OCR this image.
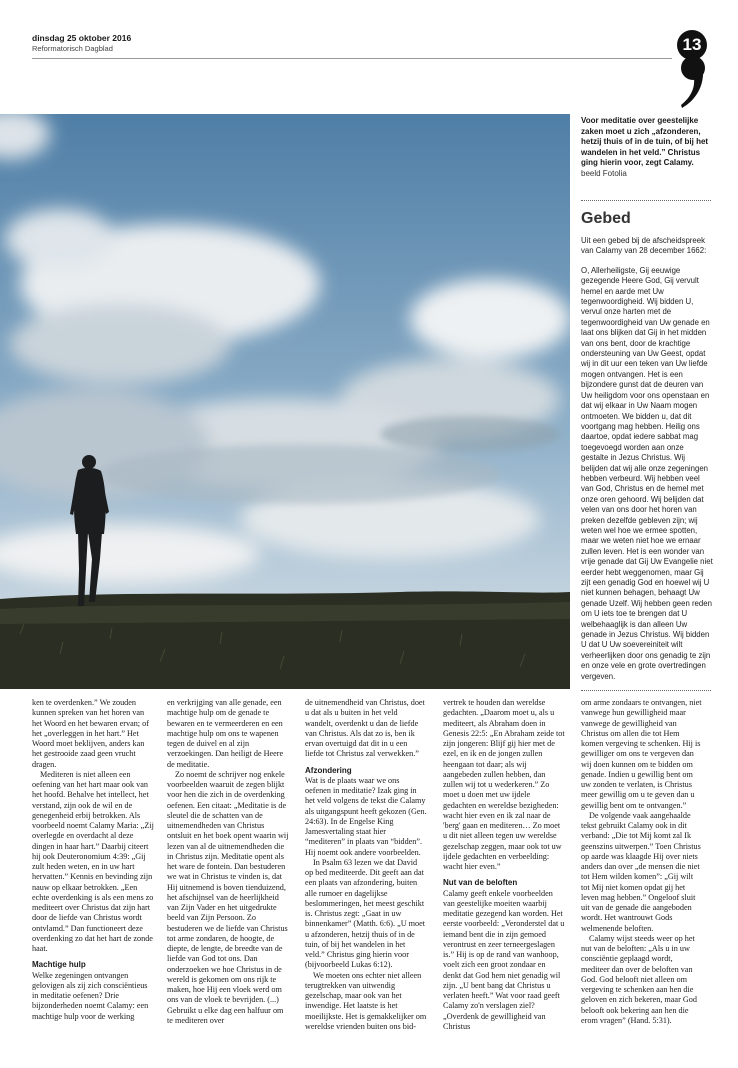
dinsdag 25 oktober 2016
Reformatorisch Dagblad	13
Voor meditatie over geestelijke zaken moet u zich „afzonderen, hetzij thuis of in de tuin, of bij het wandelen in het veld.” Christus ging hierin voor, zegt Calamy. beeld Fotolia
Gebed

Uit een gebed bij de afscheidspreek van Calamy van 28 december 1662:

O, Allerheiligste, Gij eeuwige gezegende Heere God, Gij vervult hemel en aarde met Uw tegenwoordigheid. Wij bidden U, vervul onze harten met de tegenwoordigheid van Uw genade en laat ons blijken dat Gij in het midden van ons bent, door de krachtige ondersteuning van Uw Geest, opdat wij in dit uur een teken van Uw liefde mogen ontvangen. Het is een bijzondere gunst dat de deuren van Uw heiligdom voor ons openstaan en dat wij elkaar in Uw Naam mogen ontmoeten. We bidden u, dat dit voortgang mag hebben. Heilig ons daartoe, opdat iedere sabbat mag toegevoegd worden aan onze gestalte in Jezus Christus. Wij belijden dat wij alle onze zegeningen hebben verbeurd. Wij hebben veel van God, Christus en de hemel met onze oren gehoord. Wij belijden dat velen van ons door het horen van preken dezelfde gebleven zijn; wij weten wel hoe we ermee spotten, maar we weten niet hoe we ernaar zullen leven. Het is een wonder van vrije genade dat Gij Uw Evangelie niet eerder hebt weggenomen, maar Gij zijt een genadig God en hoewel wij U niet kunnen behagen, behaagt Uw genade Uzelf. Wij hebben geen reden om U iets toe te brengen dat U welbehaaglijk is dan alleen Uw genade in Jezus Christus. Wij bidden U dat U Uw soevereiniteit wilt verheerlijken door ons genadig te zijn en onze vele en grote overtredingen vergeven.

ken te overdenken.” We zouden kunnen spreken van het horen van het Woord en het bewaren ervan; of het „overleggen in het hart.” Het Woord moet beklijven, anders kan het gestrooide zaad geen vrucht dragen.

Mediteren is niet alleen een oefening van het hart maar ook van het hoofd. Behalve het intellect, het verstand, zijn ook de wil en de genegenheid erbij betrokken. Als voorbeeld noemt Calamy Maria: „Zij overlegde en overdacht al deze dingen in haar hart.” Daarbij citeert hij ook Deuteronomium 4:39: „Gij zult heden weten, en in uw hart hervatten.” Kennis en bevinding zijn nauw op elkaar betrokken. „Een echte overdenking is als een mens zo mediteert over Christus dat zijn hart door de liefde van Christus wordt ontvlamd.” Dan functioneert deze overdenking zo dat het hart de zonde haat.

Machtige hulp

Welke zegeningen ontvangen gelovigen als zij zich consciëntieus in meditatie oefenen? Drie bijzonderheden noemt Calamy: een machtige hulp voor de werking

en verkrijging van alle genade, een machtige hulp om de genade te bewaren en te vermeerderen en een machtige hulp om ons te wapenen tegen de duivel en al zijn verzoekingen. Dan heiligt de Heere de meditatie.

Zo noemt de schrijver nog enkele voorbeelden waaruit de zegen blijkt voor hen die zich in de overdenking oefenen. Een citaat: „Meditatie is de sleutel die de schatten van de uitnemendheden van Christus ontsluit en het boek opent waarin wij lezen van al de uitnemendheden die in Christus zijn. Meditatie opent als het ware de fontein. Dan bestuderen we wat in Christus te vinden is, dat Hij uitnemend is boven tienduizend, het afschijnsel van de heerlijkheid van Zijn Vader en het uitgedrukte beeld van Zijn Persoon. Zo bestuderen we de liefde van Christus tot arme zondaren, de hoogte, de diepte, de lengte, de breedte van de liefde van God tot ons. Dan onderzoeken we hoe Christus in de wereld is gekomen om ons rijk te maken, hoe Hij een vloek werd om ons van de vloek te bevrijden. (...) Gebruikt u elke dag een halfuur om te mediteren over

de uitnemendheid van Christus, doet u dat als u buiten in het veld wandelt, overdenkt u dan de liefde van Christus. Als dat zo is, ben ik ervan overtuigd dat dit in u een liefde tot Christus zal verwekken.”

Afzondering

Wat is de plaats waar we ons oefenen in meditatie? Izak ging in het veld volgens de tekst die Calamy als uitgangspunt heeft gekozen (Gen. 24:63). In de Engelse King Jamesvertaling staat hier “mediteren” in plaats van “bidden”. Hij noemt ook andere voorbeelden.

In Psalm 63 lezen we dat David op bed mediteerde. Dit geeft aan dat een plaats van afzondering, buiten alle rumoer en dagelijkse beslommeringen, het meest geschikt is. Christus zegt: „Gaat in uw binnenkamer” (Matth. 6:6). „U moet u afzonderen, hetzij thuis of in de tuin, of bij het wandelen in het veld.” Christus ging hierin voor (bijvoorbeeld Lukas 6:12).

We moeten ons echter niet alleen terugtrekken van uitwendig gezelschap, maar ook van het inwendige. Het laatste is het moeilijkste. Het is gemakkelijker om wereldse vrienden buiten ons bid-

vertrek te houden dan wereldse gedachten. „Daarom moet u, als u mediteert, als Abraham doen in Genesis 22:5: „En Abraham zeide tot zijn jongeren: Blijf gij hier met de ezel, en ik en de jongen zullen heengaan tot daar; als wij aangebeden zullen hebben, dan zullen wij tot u wederkeren.” Zo moet u doen met uw ijdele gedachten en wereldse bezigheden: wacht hier even en ik zal naar de 'berg' gaan en mediteren… Zo moet u dit niet alleen tegen uw wereldse gezelschap zeggen, maar ook tot uw ijdele gedachten en verbeelding: wacht hier even.”

Nut van de beloften

Calamy geeft enkele voorbeelden van geestelijke moeiten waarbij meditatie gezegend kan worden. Het eerste voorbeeld: „Veronderstel dat u iemand bent die in zijn gemoed verontrust en zeer terneergeslagen is.” Hij is op de rand van wanhoop, voelt zich een groot zondaar en denkt dat God hem niet genadig wil zijn. „U bent bang dat Christus u verlaten heeft.” Wat voor raad geeft Calamy zo'n verslagen ziel? „Overdenk de gewilligheid van Christus

om arme zondaars te ontvangen, niet vanwege hun gewilligheid maar vanwege de gewilligheid van Christus om allen die tot Hem komen vergeving te schenken. Hij is gewilliger om ons te vergeven dan wij doen kunnen om te bidden om genade. Indien u gewillig bent om uw zonden te verlaten, is Christus meer gewillig om u te geven dan u gewillig bent om te ontvangen.”

De volgende vaak aangehaalde tekst gebruikt Calamy ook in dit verband: „Die tot Mij komt zal Ik geenszins uitwerpen.” Toen Christus op aarde was klaagde Hij over niets anders dan over „de mensen die niet tot Hem wilden komen”: „Gij wilt tot Mij niet komen opdat gij het leven mag hebben.” Ongeloof sluit uit van de genade die aangeboden wordt. Het wantrouwt Gods welmenende beloften.

Calamy wijst steeds weer op het nut van de beloften: „Als u in uw consciëntie geplaagd wordt, mediteer dan over de beloften van God. God belooft niet alleen om vergeving te schenken aan hen die geloven en zich bekeren, maar God belooft ook bekering aan hen die erom vragen” (Hand. 5:31).
